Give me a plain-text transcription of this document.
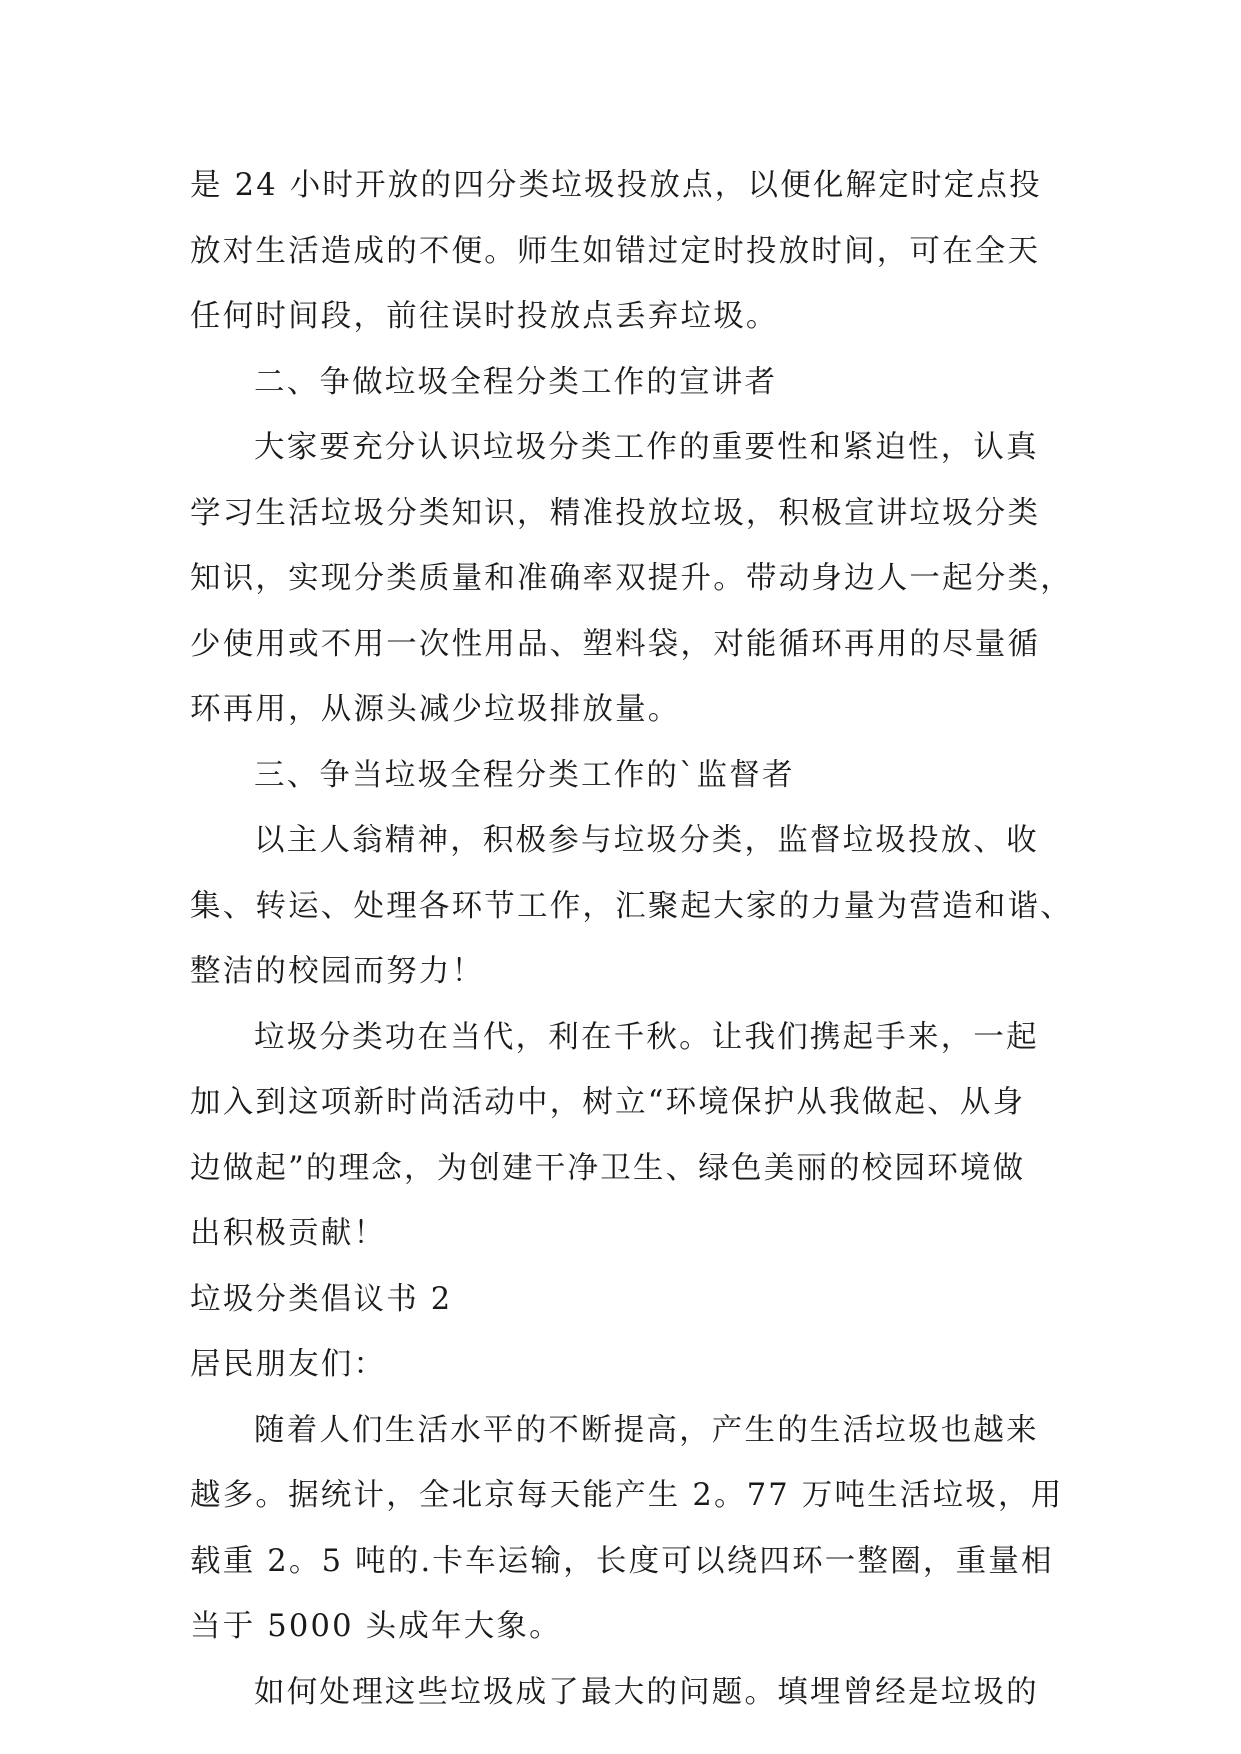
是 24 小时开放的四分类垃圾投放点，以便化解定时定点投
放对生活造成的不便。师生如错过定时投放时间，可在全天
任何时间段，前往误时投放点丢弃垃圾。
二、争做垃圾全程分类工作的宣讲者
大家要充分认识垃圾分类工作的重要性和紧迫性，认真
学习生活垃圾分类知识，精准投放垃圾，积极宣讲垃圾分类
知识，实现分类质量和准确率双提升。带动身边人一起分类，
少使用或不用一次性用品、塑料袋，对能循环再用的尽量循
环再用，从源头减少垃圾排放量。
三、争当垃圾全程分类工作的`监督者
以主人翁精神，积极参与垃圾分类，监督垃圾投放、收
集、转运、处理各环节工作，汇聚起大家的力量为营造和谐、
整洁的校园而努力！
垃圾分类功在当代，利在千秋。让我们携起手来，一起
加入到这项新时尚活动中，树立“环境保护从我做起、从身
边做起”的理念，为创建干净卫生、绿色美丽的校园环境做
出积极贡献！
垃圾分类倡议书 2
居民朋友们：
随着人们生活水平的不断提高，产生的生活垃圾也越来
越多。据统计，全北京每天能产生 2。77 万吨生活垃圾，用
载重 2。5 吨的.卡车运输，长度可以绕四环一整圈，重量相
当于 5000 头成年大象。
如何处理这些垃圾成了最大的问题。填埋曾经是垃圾的
